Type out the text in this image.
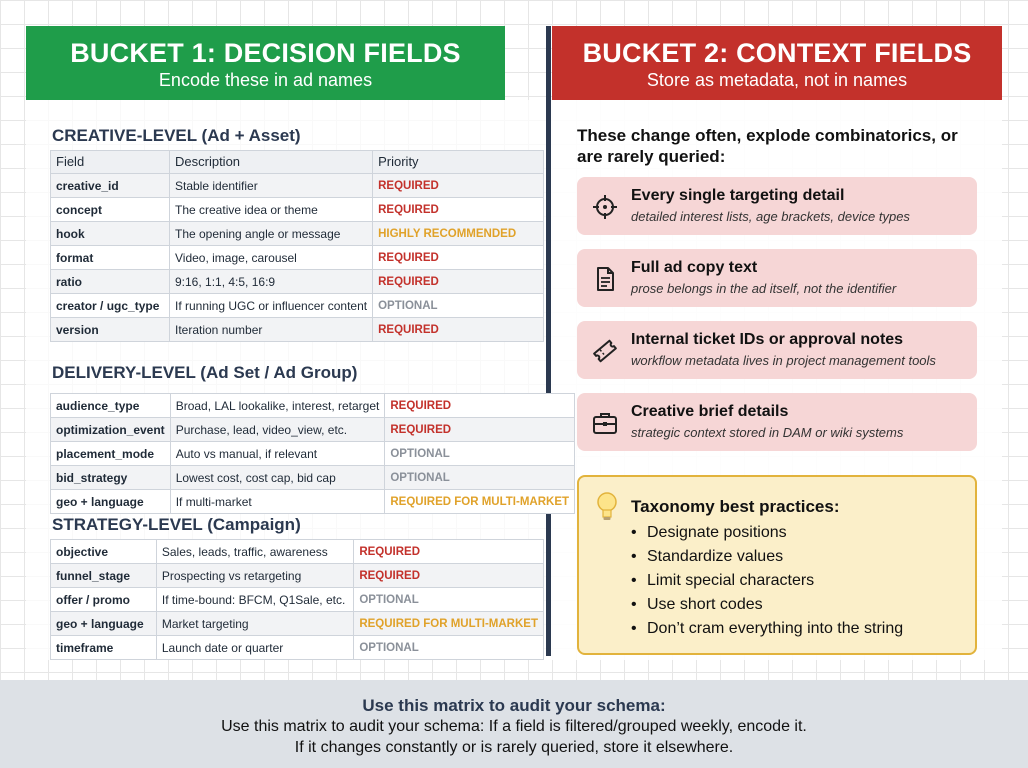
BUCKET 1: DECISION FIELDS
Encode these in ad names
BUCKET 2: CONTEXT FIELDS
Store as metadata, not in names
CREATIVE-LEVEL (Ad + Asset)
Field	Description	Priority
creative_id	Stable identifier	REQUIRED
concept	The creative idea or theme	REQUIRED
hook	The opening angle or message	HIGHLY RECOMMENDED
format	Video, image, carousel	REQUIRED
ratio	9:16, 1:1, 4:5, 16:9	REQUIRED
creator / ugc_type	If running UGC or influencer content	OPTIONAL
version	Iteration number	REQUIRED
DELIVERY-LEVEL (Ad Set / Ad Group)
audience_type	Broad, LAL lookalike, interest, retarget	REQUIRED
optimization_event	Purchase, lead, video_view, etc.	REQUIRED
placement_mode	Auto vs manual, if relevant	OPTIONAL
bid_strategy	Lowest cost, cost cap, bid cap	OPTIONAL
geo + language	If multi-market	REQUIRED FOR MULTI-MARKET
STRATEGY-LEVEL (Campaign)
objective	Sales, leads, traffic, awareness	REQUIRED
funnel_stage	Prospecting vs retargeting	REQUIRED
offer / promo	If time-bound: BFCM, Q1Sale, etc.	OPTIONAL
geo + language	Market targeting	REQUIRED FOR MULTI-MARKET
timeframe	Launch date or quarter	OPTIONAL
These change often, explode combinatorics, or are rarely queried:
Every single targeting detail
detailed interest lists, age brackets, device types
Full ad copy text
prose belongs in the ad itself, not the identifier
Internal ticket IDs or approval notes
workflow metadata lives in project management tools
Creative brief details
strategic context stored in DAM or wiki systems
Taxonomy best practices:
• Designate positions
• Standardize values
• Limit special characters
• Use short codes
• Don’t cram everything into the string
Use this matrix to audit your schema:
Use this matrix to audit your schema: If a field is filtered/grouped weekly, encode it.
If it changes constantly or is rarely queried, store it elsewhere.
